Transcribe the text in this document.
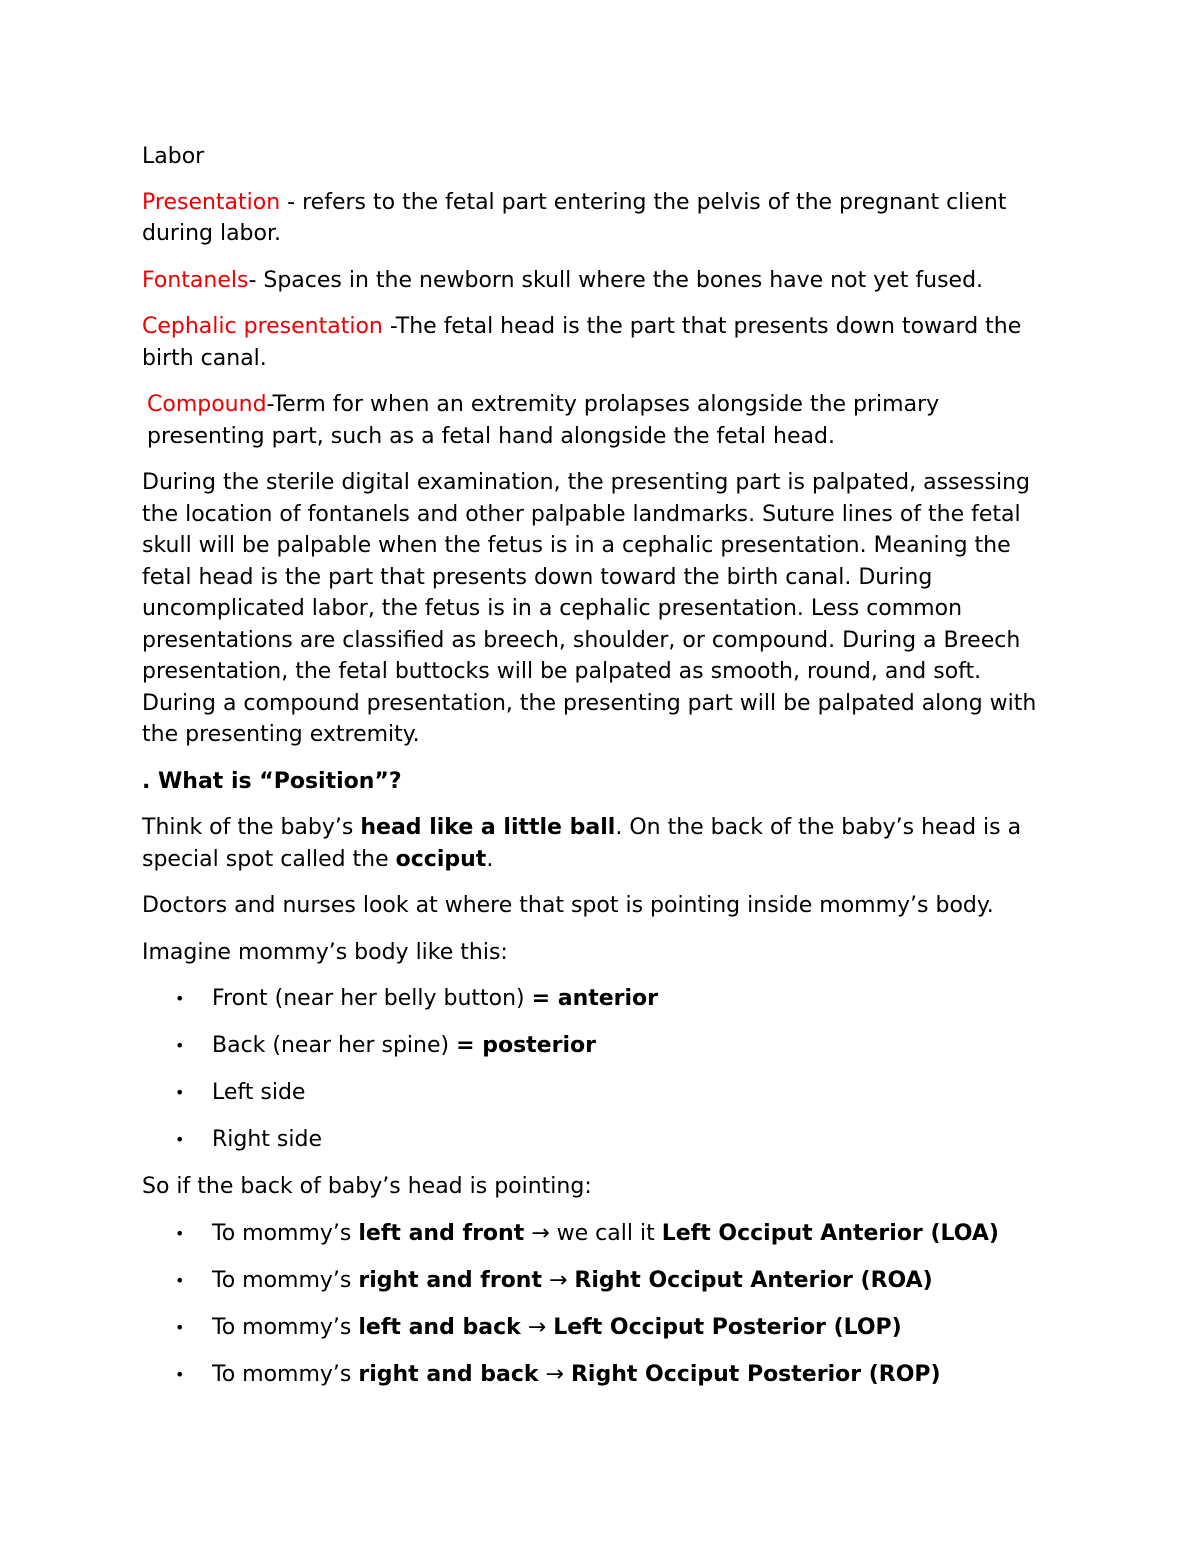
Labor

Presentation - refers to the fetal part entering the pelvis of the pregnant client during labor.

Fontanels- Spaces in the newborn skull where the bones have not yet fused.

Cephalic presentation -The fetal head is the part that presents down toward the birth canal.

Compound-Term for when an extremity prolapses alongside the primary presenting part, such as a fetal hand alongside the fetal head.

During the sterile digital examination, the presenting part is palpated, assessing the location of fontanels and other palpable landmarks. Suture lines of the fetal skull will be palpable when the fetus is in a cephalic presentation. Meaning the fetal head is the part that presents down toward the birth canal. During uncomplicated labor, the fetus is in a cephalic presentation. Less common presentations are classified as breech, shoulder, or compound. During a Breech presentation, the fetal buttocks will be palpated as smooth, round, and soft. During a compound presentation, the presenting part will be palpated along with the presenting extremity.

. What is “Position”?

Think of the baby’s head like a little ball. On the back of the baby’s head is a special spot called the occiput.

Doctors and nurses look at where that spot is pointing inside mommy’s body.

Imagine mommy’s body like this:

• Front (near her belly button) = anterior
• Back (near her spine) = posterior
• Left side
• Right side

So if the back of baby’s head is pointing:

• To mommy’s left and front → we call it Left Occiput Anterior (LOA)
• To mommy’s right and front → Right Occiput Anterior (ROA)
• To mommy’s left and back → Left Occiput Posterior (LOP)
• To mommy’s right and back → Right Occiput Posterior (ROP)
